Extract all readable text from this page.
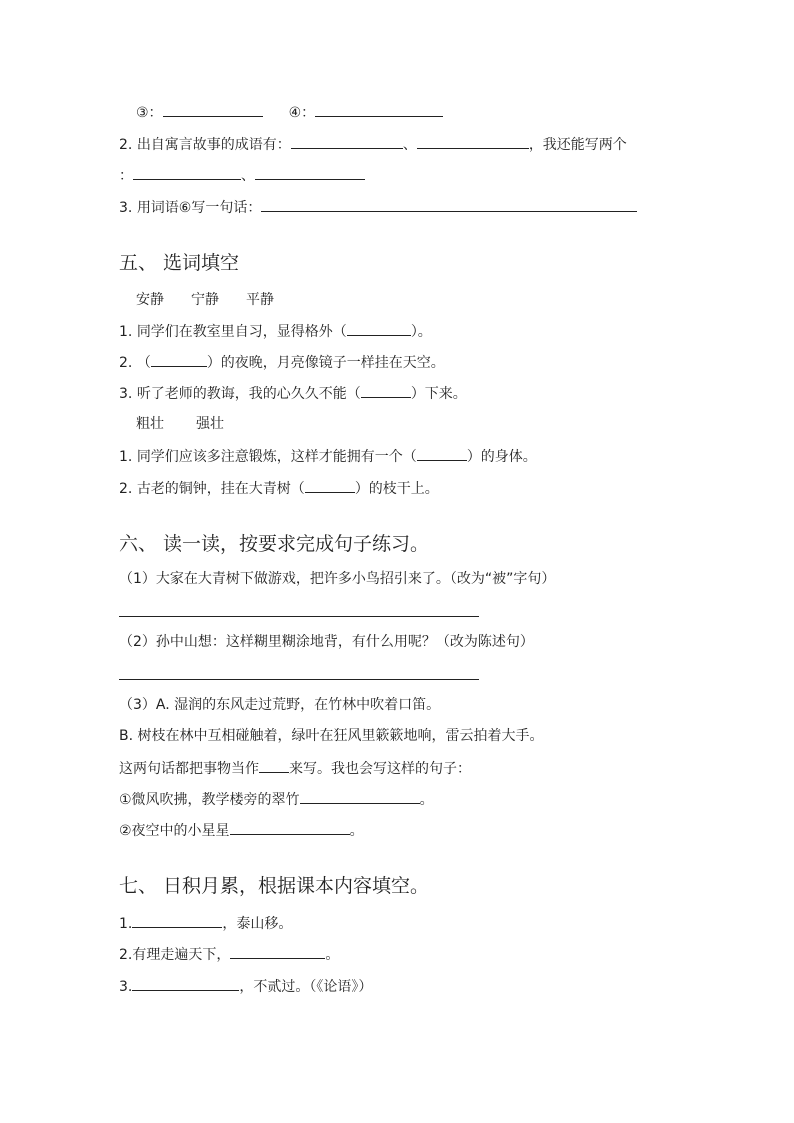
③：	④：
2. 出自寓言故事的成语有：	、	，我还能写两个
：	、
3. 用词语⑥写一句话：
五、 选词填空
安静 宁静 平静
1. 同学们在教室里自习，显得格外（	）。
2. （	）的夜晚，月亮像镜子一样挂在天空。
3. 听了老师的教诲，我的心久久不能（	）下来。
粗壮 强壮
1. 同学们应该多注意锻炼，这样才能拥有一个（	）的身体。
2. 古老的铜钟，挂在大青树（	）的枝干上。
六、 读一读，按要求完成句子练习。
（1）大家在大青树下做游戏，把许多小鸟招引来了。（改为“被”字句）
（2）孙中山想：这样糊里糊涂地背，有什么用呢？（改为陈述句）
（3）A. 湿润的东风走过荒野，在竹林中吹着口笛。
B. 树枝在林中互相碰触着，绿叶在狂风里簌簌地响，雷云拍着大手。
这两句话都把事物当作 来写。我也会写这样的句子：
①微风吹拂，教学楼旁的翠竹	。
②夜空中的小星星	。
七、 日积月累，根据课本内容填空。
1.	，泰山移。
2.有理走遍天下，	。
3.	，不贰过。（《论语》）
